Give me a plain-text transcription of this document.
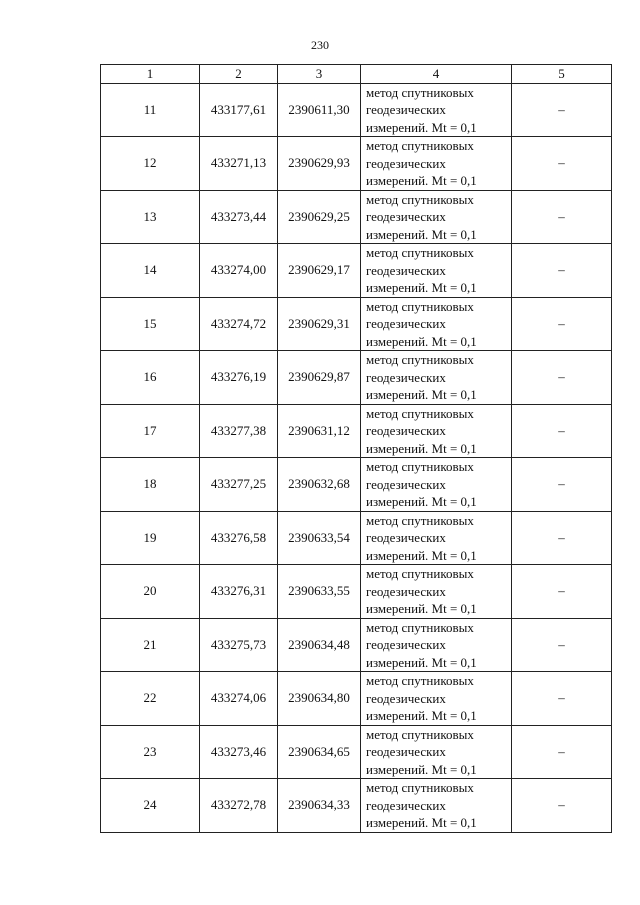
230
1	2	3	4	5
11	433177,61	2390611,30	метод спутниковых
геодезических
измерений. Mt = 0,1	–
12	433271,13	2390629,93	метод спутниковых
геодезических
измерений. Mt = 0,1	–
13	433273,44	2390629,25	метод спутниковых
геодезических
измерений. Mt = 0,1	–
14	433274,00	2390629,17	метод спутниковых
геодезических
измерений. Mt = 0,1	–
15	433274,72	2390629,31	метод спутниковых
геодезических
измерений. Mt = 0,1	–
16	433276,19	2390629,87	метод спутниковых
геодезических
измерений. Mt = 0,1	–
17	433277,38	2390631,12	метод спутниковых
геодезических
измерений. Mt = 0,1	–
18	433277,25	2390632,68	метод спутниковых
геодезических
измерений. Mt = 0,1	–
19	433276,58	2390633,54	метод спутниковых
геодезических
измерений. Mt = 0,1	–
20	433276,31	2390633,55	метод спутниковых
геодезических
измерений. Mt = 0,1	–
21	433275,73	2390634,48	метод спутниковых
геодезических
измерений. Mt = 0,1	–
22	433274,06	2390634,80	метод спутниковых
геодезических
измерений. Mt = 0,1	–
23	433273,46	2390634,65	метод спутниковых
геодезических
измерений. Mt = 0,1	–
24	433272,78	2390634,33	метод спутниковых
геодезических
измерений. Mt = 0,1	–
